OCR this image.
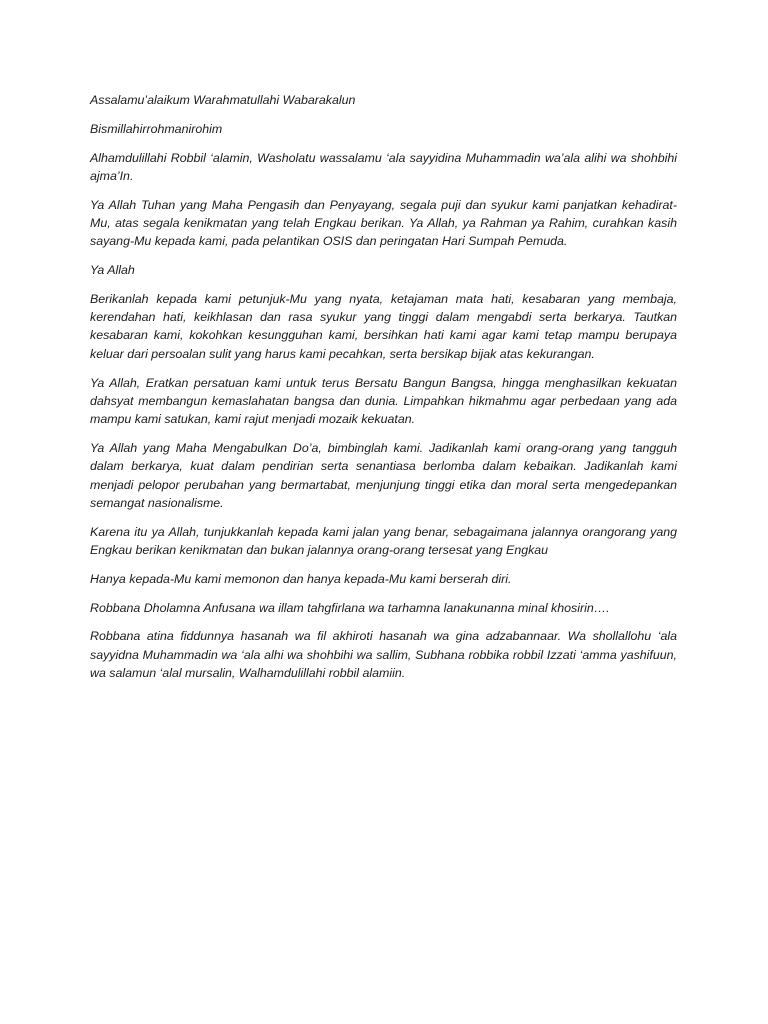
Assalamu’alaikum Warahmatullahi Wabarakalun

Bismillahirrohmanirohim

Alhamdulillahi Robbil ‘alamin, Washolatu wassalamu ‘ala sayyidina Muhammadin wa’ala alihi wa shohbihi ajma’In.

Ya Allah Tuhan yang Maha Pengasih dan Penyayang, segala puji dan syukur kami panjatkan kehadirat-Mu, atas segala kenikmatan yang telah Engkau berikan. Ya Allah, ya Rahman ya Rahim, curahkan kasih sayang-Mu kepada kami, pada pelantikan OSIS dan peringatan Hari Sumpah Pemuda.

Ya Allah

Berikanlah kepada kami petunjuk-Mu yang nyata, ketajaman mata hati, kesabaran yang membaja, kerendahan hati, keikhlasan dan rasa syukur yang tinggi dalam mengabdi serta berkarya. Tautkan kesabaran kami, kokohkan kesungguhan kami, bersihkan hati kami agar kami tetap mampu berupaya keluar dari persoalan sulit yang harus kami pecahkan, serta bersikap bijak atas kekurangan.

Ya Allah, Eratkan persatuan kami untuk terus Bersatu Bangun Bangsa, hingga menghasilkan kekuatan dahsyat membangun kemaslahatan bangsa dan dunia. Limpahkan hikmahmu agar perbedaan yang ada mampu kami satukan, kami rajut menjadi mozaik kekuatan.

Ya Allah yang Maha Mengabulkan Do’a, bimbinglah kami. Jadikanlah kami orang-orang yang tangguh dalam berkarya, kuat dalam pendirian serta senantiasa berlomba dalam kebaikan. Jadikanlah kami menjadi pelopor perubahan yang bermartabat, menjunjung tinggi etika dan moral serta mengedepankan semangat nasionalisme.

Karena itu ya Allah, tunjukkanlah kepada kami jalan yang benar, sebagaimana jalannya orangorang yang Engkau berikan kenikmatan dan bukan jalannya orang-orang tersesat yang Engkau

Hanya kepada-Mu kami memonon dan hanya kepada-Mu kami berserah diri.

Robbana Dholamna Anfusana wa illam tahgfirlana wa tarhamna lanakunanna minal khosirin….

Robbana atina fiddunnya hasanah wa fil akhiroti hasanah wa gina adzabannaar. Wa shollallohu ‘ala sayyidna Muhammadin wa ‘ala alhi wa shohbihi wa sallim, Subhana robbika robbil Izzati ‘amma yashifuun, wa salamun ‘alal mursalin, Walhamdulillahi robbil alamiin.
